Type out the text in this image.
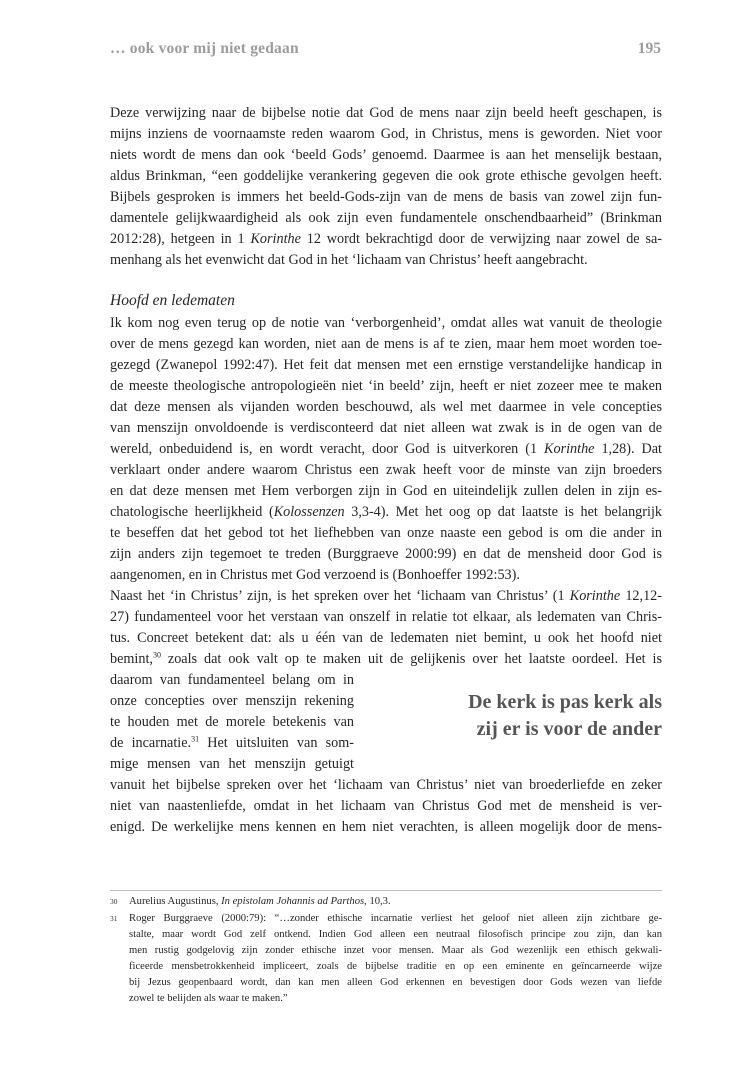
… ook voor mij niet gedaan	195
Deze verwijzing naar de bijbelse notie dat God de mens naar zijn beeld heeft geschapen, is
mijns inziens de voornaamste reden waarom God, in Christus, mens is geworden. Niet voor
niets wordt de mens dan ook ‘beeld Gods’ genoemd. Daarmee is aan het menselijk bestaan,
aldus Brinkman, “een goddelijke verankering gegeven die ook grote ethische gevolgen heeft.
Bijbels gesproken is immers het beeld-Gods-zijn van de mens de basis van zowel zijn fun-
damentele gelijkwaardigheid als ook zijn even fundamentele onschendbaarheid” (Brinkman
2012:28), hetgeen in 1 Korinthe 12 wordt bekrachtigd door de verwijzing naar zowel de sa-
menhang als het evenwicht dat God in het ‘lichaam van Christus’ heeft aangebracht.
Hoofd en ledematen
Ik kom nog even terug op de notie van ‘verborgenheid’, omdat alles wat vanuit de theologie
over de mens gezegd kan worden, niet aan de mens is af te zien, maar hem moet worden toe-
gezegd (Zwanepol 1992:47). Het feit dat mensen met een ernstige verstandelijke handicap in
de meeste theologische antropologieën niet ‘in beeld’ zijn, heeft er niet zozeer mee te maken
dat deze mensen als vijanden worden beschouwd, als wel met daarmee in vele concepties
van menszijn onvoldoende is verdisconteerd dat niet alleen wat zwak is in de ogen van de
wereld, onbeduidend is, en wordt veracht, door God is uitverkoren (1 Korinthe 1,28). Dat
verklaart onder andere waarom Christus een zwak heeft voor de minste van zijn broeders
en dat deze mensen met Hem verborgen zijn in God en uiteindelijk zullen delen in zijn es-
chatologische heerlijkheid (Kolossenzen 3,3-4). Met het oog op dat laatste is het belangrijk
te beseffen dat het gebod tot het liefhebben van onze naaste een gebod is om die ander in
zijn anders zijn tegemoet te treden (Burggraeve 2000:99) en dat de mensheid door God is
aangenomen, en in Christus met God verzoend is (Bonhoeffer 1992:53).
Naast het ‘in Christus’ zijn, is het spreken over het ‘lichaam van Christus’ (1 Korinthe 12,12-
27) fundamenteel voor het verstaan van onszelf in relatie tot elkaar, als ledematen van Chris-
tus. Concreet betekent dat: als u één van de ledematen niet bemint, u ook het hoofd niet
bemint,$^{30}$ zoals dat ook valt op te maken uit de gelijkenis over het laatste oordeel. Het is
daarom van fundamenteel belang om in
onze concepties over menszijn rekening
te houden met de morele betekenis van
de incarnatie.$^{31}$ Het uitsluiten van som-
mige mensen van het menszijn getuigt
De kerk is pas kerk als
zij er is voor de ander
vanuit het bijbelse spreken over het ‘lichaam van Christus’ niet van broederliefde en zeker
niet van naastenliefde, omdat in het lichaam van Christus God met de mensheid is ver-
enigd. De werkelijke mens kennen en hem niet verachten, is alleen mogelijk door de mens-
30 Aurelius Augustinus, In epistolam Johannis ad Parthos, 10,3.
31 Roger Burggraeve (2000:79): “…zonder ethische incarnatie verliest het geloof niet alleen zijn zichtbare ge-
stalte, maar wordt God zelf ontkend. Indien God alleen een neutraal filosofisch principe zou zijn, dan kan
men rustig godgelovig zijn zonder ethische inzet voor mensen. Maar als God wezenlijk een ethisch gekwali-
ficeerde mensbetrokkenheid impliceert, zoals de bijbelse traditie en op een eminente en geïncarneerde wijze
bij Jezus geopenbaard wordt, dan kan men alleen God erkennen en bevestigen door Gods wezen van liefde
zowel te belijden als waar te maken.”
